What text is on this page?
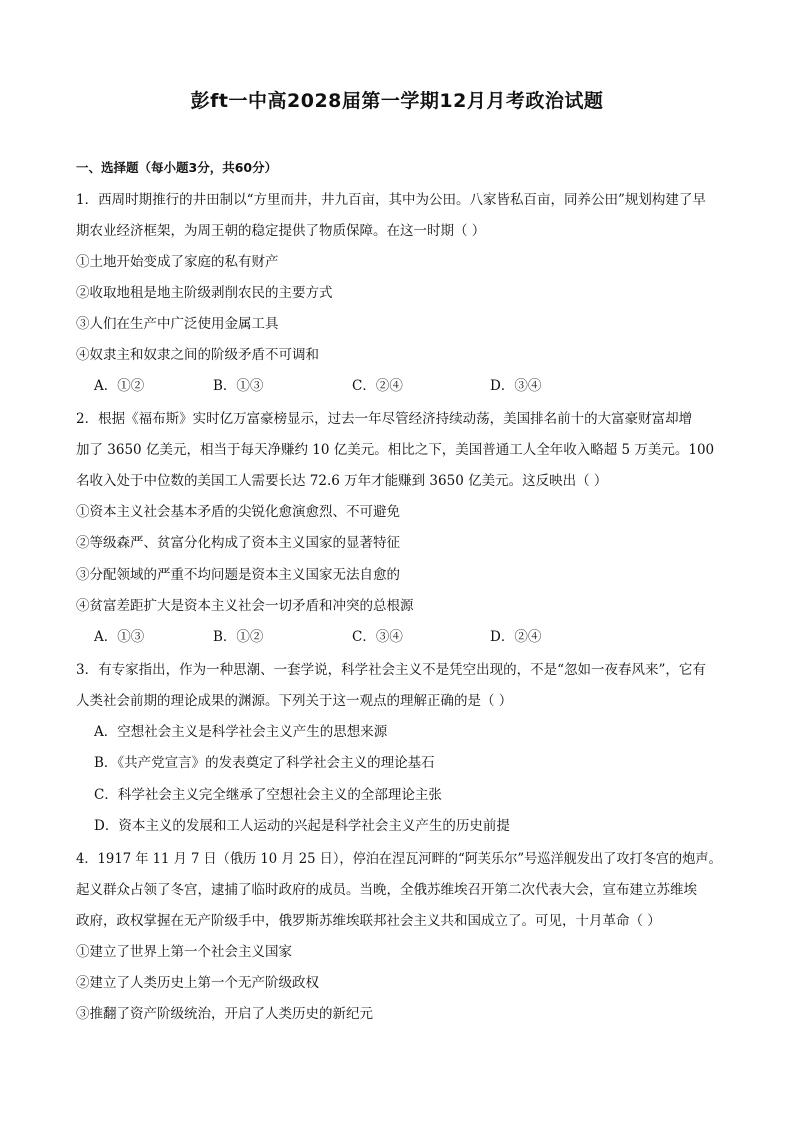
彭ft一中高2028届第一学期12月月考政治试题
一、选择题（每小题3分，共60分）
1．西周时期推行的井田制以“方里而井，井九百亩，其中为公田。八家皆私百亩，同养公田”规划构建了早
期农业经济框架，为周王朝的稳定提供了物质保障。在这一时期（ ）
①土地开始变成了家庭的私有财产
②收取地租是地主阶级剥削农民的主要方式
③人们在生产中广泛使用金属工具
④奴隶主和奴隶之间的阶级矛盾不可调和
A．①②	B．①③	C．②④	D．③④
2．根据《福布斯》实时亿万富豪榜显示，过去一年尽管经济持续动荡，美国排名前十的大富豪财富却增
加了 3650 亿美元，相当于每天净赚约 10 亿美元。相比之下，美国普通工人全年收入略超 5 万美元。100
名收入处于中位数的美国工人需要长达 72.6 万年才能赚到 3650 亿美元。这反映出（ ）
①资本主义社会基本矛盾的尖锐化愈演愈烈、不可避免
②等级森严、贫富分化构成了资本主义国家的显著特征
③分配领域的严重不均问题是资本主义国家无法自愈的
④贫富差距扩大是资本主义社会一切矛盾和冲突的总根源
A．①③	B．①②	C．③④	D．②④
3．有专家指出，作为一种思潮、一套学说，科学社会主义不是凭空出现的，不是“忽如一夜春风来”，它有
人类社会前期的理论成果的渊源。下列关于这一观点的理解正确的是（ ）
A．空想社会主义是科学社会主义产生的思想来源
B．《共产党宣言》的发表奠定了科学社会主义的理论基石
C．科学社会主义完全继承了空想社会主义的全部理论主张
D．资本主义的发展和工人运动的兴起是科学社会主义产生的历史前提
4．1917 年 11 月 7 日（俄历 10 月 25 日），停泊在涅瓦河畔的“阿芙乐尔”号巡洋舰发出了攻打冬宫的炮声。
起义群众占领了冬宫，逮捕了临时政府的成员。当晚，全俄苏维埃召开第二次代表大会，宣布建立苏维埃
政府，政权掌握在无产阶级手中，俄罗斯苏维埃联邦社会主义共和国成立了。可见，十月革命（ ）
①建立了世界上第一个社会主义国家
②建立了人类历史上第一个无产阶级政权
③推翻了资产阶级统治，开启了人类历史的新纪元
